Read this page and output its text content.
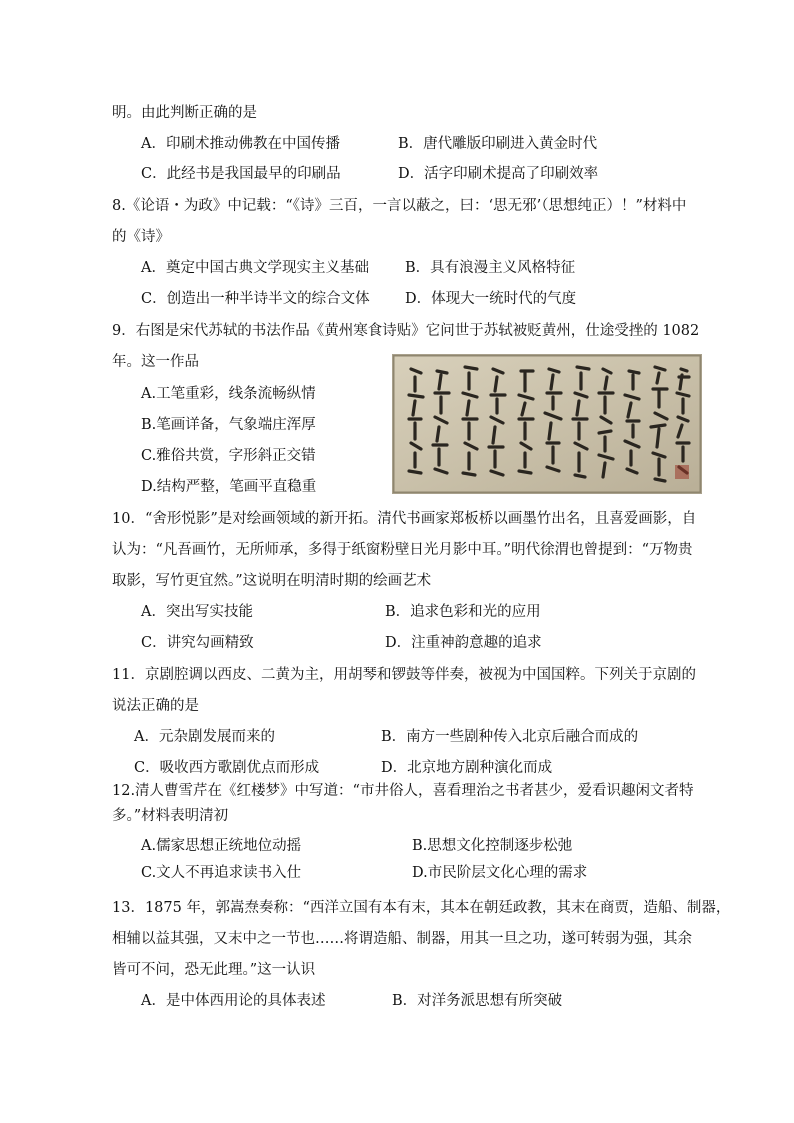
明。由此判断正确的是
A．印刷术推动佛教在中国传播	B．唐代雕版印刷进入黄金时代
C．此经书是我国最早的印刷品	D．活字印刷术提高了印刷效率
8.《论语・为政》中记载：“《诗》三百，一言以蔽之，曰：‘思无邪’（思想纯正）！”材料中
的《诗》
A．奠定中国古典文学现实主义基础 B．具有浪漫主义风格特征
C．创造出一种半诗半文的综合文体 D．体现大一统时代的气度
9．右图是宋代苏轼的书法作品《黄州寒食诗贴》它问世于苏轼被贬黄州，仕途受挫的 1082
年。这一作品
A.工笔重彩，线条流畅纵情
B.笔画详备，气象端庄浑厚
C.雅俗共赏，字形斜正交错
D.结构严整，笔画平直稳重
10．“舍形悦影”是对绘画领域的新开拓。清代书画家郑板桥以画墨竹出名，且喜爱画影，自
认为：“凡吾画竹，无所师承，多得于纸窗粉壁日光月影中耳。”明代徐渭也曾提到：“万物贵
取影，写竹更宜然。”这说明在明清时期的绘画艺术
A．突出写实技能	B．追求色彩和光的应用
C．讲究勾画精致	D．注重神韵意趣的追求
11．京剧腔调以西皮、二黄为主，用胡琴和锣鼓等伴奏，被视为中国国粹。下列关于京剧的
说法正确的是
A．元杂剧发展而来的	B．南方一些剧种传入北京后融合而成的
C．吸收西方歌剧优点而形成	D．北京地方剧种演化而成
12.清人曹雪芹在《红楼梦》中写道：“市井俗人，喜看理治之书者甚少，爱看识趣闲文者特
多。”材料表明清初
A.儒家思想正统地位动摇	B.思想文化控制逐步松弛
C.文人不再追求读书入仕	D.市民阶层文化心理的需求
13．1875 年，郭嵩焘奏称：“西洋立国有本有末，其本在朝廷政教，其末在商贾，造船、制器，
相辅以益其强，又末中之一节也……将谓造船、制器，用其一旦之功，遂可转弱为强，其余
皆可不问，恐无此理。”这一认识
A．是中体西用论的具体表述	B．对洋务派思想有所突破
